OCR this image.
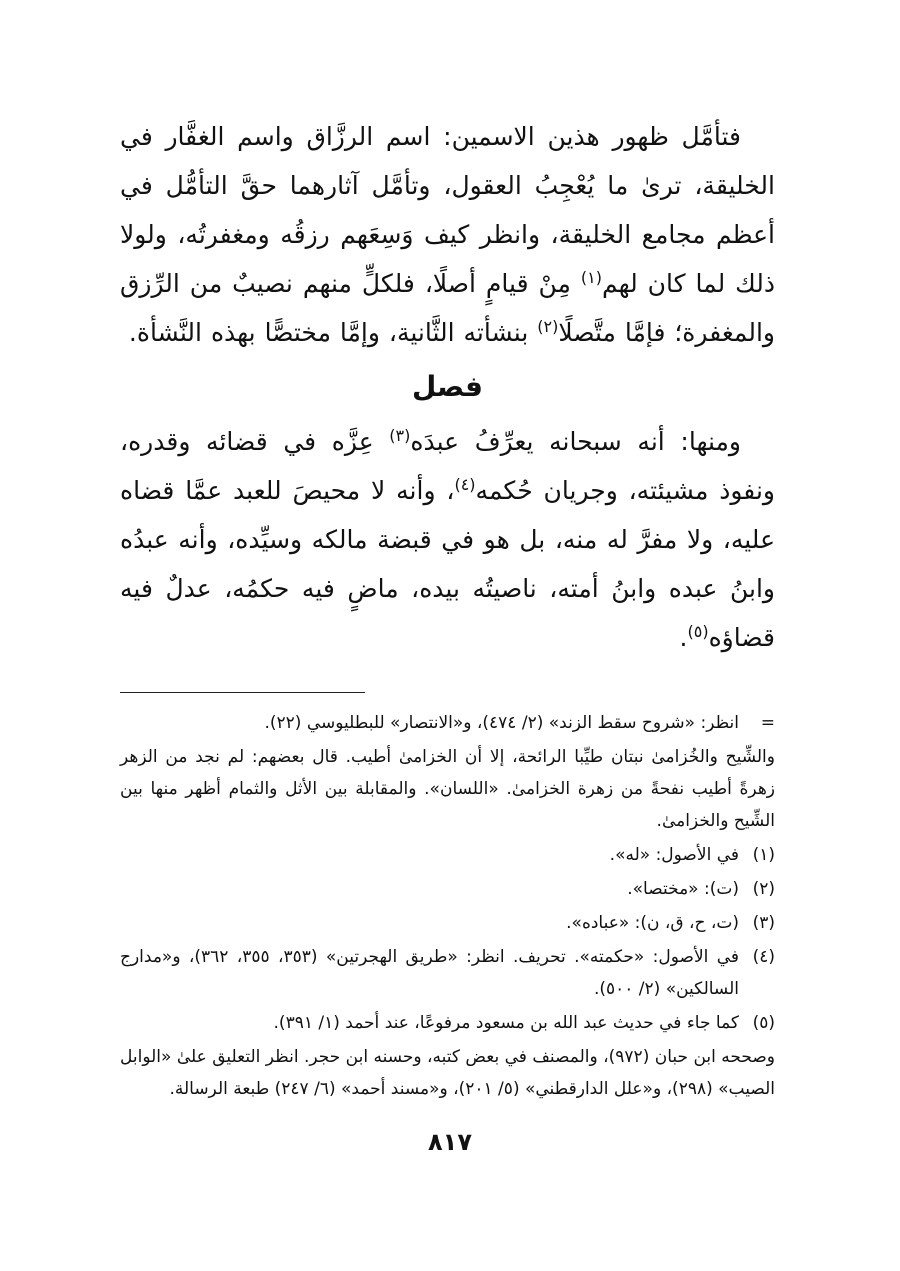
فتأمَّل ظهور هذين الاسمين: اسم الرزَّاق واسم الغفَّار في الخليقة، ترىٰ ما يُعْجِبُ العقول، وتأمَّل آثارهما حقَّ التأمُّل في أعظم مجامع الخليقة، وانظر كيف وَسِعَهم رزقُه ومغفرتُه، ولولا ذلك لما كان لهم$^{(١)}$ مِنْ قيامٍ أصلًا، فلكلٍّ منهم نصيبٌ من الرِّزق والمغفرة؛ فإمَّا متَّصلًا$^{(٢)}$ بنشأته الثَّانية، وإمَّا مختصًّا بهذه النَّشأة.

فصل

ومنها: أنه سبحانه يعرِّفُ عبدَه$^{(٣)}$ عِزَّه في قضائه وقدره، ونفوذ مشيئته، وجريان حُكمه$^{(٤)}$، وأنه لا محيصَ للعبد عمَّا قضاه عليه، ولا مفرَّ له منه، بل هو في قبضة مالكه وسيِّده، وأنه عبدُه وابنُ عبده وابنُ أمته، ناصيتُه بيده، ماضٍ فيه حكمُه، عدلٌ فيه قضاؤه$^{(٥)}$.

=
انظر: «شروح سقط الزند» (٢/ ٤٧٤)، و«الانتصار» للبطليوسي (٢٢).
والشِّيح والخُزامىٰ نبتان طيِّبا الرائحة، إلا أن الخزامىٰ أطيب. قال بعضهم: لم نجد من الزهر زهرةً أطيب نفحةً من زهرة الخزامىٰ. «اللسان». والمقابلة بين الأثل والثمام أظهر منها بين الشِّيح والخزامىٰ.
(١)
في الأصول: «له».
(٢)
(ت): «مختصا».
(٣)
(ت، ح، ق، ن): «عباده».
(٤)
في الأصول: «حكمته». تحريف. انظر: «طريق الهجرتين» (٣٥٣، ٣٥٥، ٣٦٢)، و«مدارج السالكين» (٢/ ٥٠٠).
(٥)
كما جاء في حديث عبد الله بن مسعود مرفوعًا، عند أحمد (١/ ٣٩١).
وصححه ابن حبان (٩٧٢)، والمصنف في بعض كتبه، وحسنه ابن حجر. انظر التعليق علىٰ «الوابل الصيب» (٢٩٨)، و«علل الدارقطني» (٥/ ٢٠١)، و«مسند أحمد» (٦/ ٢٤٧) طبعة الرسالة.
٨١٧
